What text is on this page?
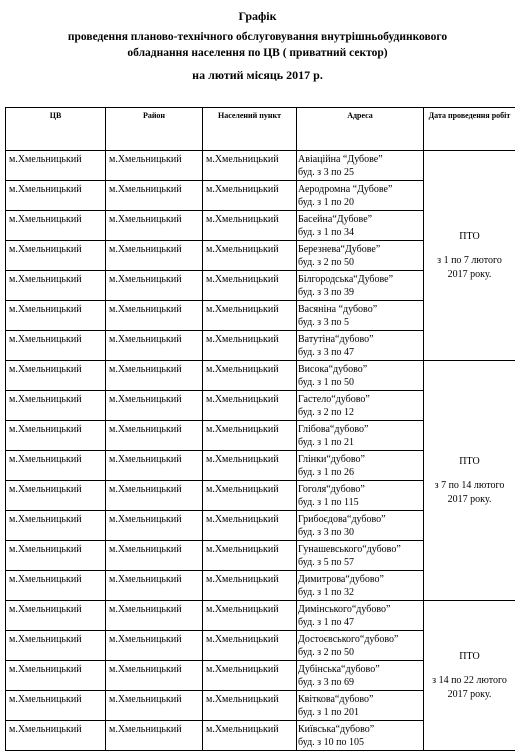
Графік
проведення планово-технічного обслуговування внутрішньобудинкового
обладнання населення по ЦВ ( приватний сектор)
на лютий місяць 2017 р.
ЦВ	Район	Населений пункт	Адреса	Дата проведення робіт
м.Хмельницький	м.Хмельницький	м.Хмельницький	Авіаційна “Дубове”
буд. з 3 по 25	ПТО
з 1 по 7 лютого 2017 року.

м.Хмельницький	м.Хмельницький	м.Хмельницький	Аеродромна “Дубове”
буд. з 1 по 20	

м.Хмельницький	м.Хмельницький	м.Хмельницький	Басейна“Дубове”
буд. з 1 по 34	

м.Хмельницький	м.Хмельницький	м.Хмельницький	Березнева“Дубове”
буд. з 2 по 50	

м.Хмельницький	м.Хмельницький	м.Хмельницький	Білгородська“Дубове”
буд. з 3 по 39	

м.Хмельницький	м.Хмельницький	м.Хмельницький	Васяніна “дубово”
буд. з 3 по 5	

м.Хмельницький	м.Хмельницький	м.Хмельницький	Ватутіна“дубово”
буд. з 3 по 47	

м.Хмельницький	м.Хмельницький	м.Хмельницький	Висока“дубово”
буд. з 1 по 50	ПТО
з 7 по 14 лютого 2017 року.

м.Хмельницький	м.Хмельницький	м.Хмельницький	Гастело“дубово”
буд. з 2 по 12	

м.Хмельницький	м.Хмельницький	м.Хмельницький	Глібова“дубово”
буд. з 1 по 21	

м.Хмельницький	м.Хмельницький	м.Хмельницький	Глінки“дубово”
буд. з 1 по 26	

м.Хмельницький	м.Хмельницький	м.Хмельницький	Гоголя“дубово”
буд. з 1 по 115	

м.Хмельницький	м.Хмельницький	м.Хмельницький	Грибоєдова“дубово”
буд. з 3 по 30	

м.Хмельницький	м.Хмельницький	м.Хмельницький	Гунашевського“дубово”
буд. з 5 по 57	

м.Хмельницький	м.Хмельницький	м.Хмельницький	Димитрова“дубово”
буд. з 1 по 32	

м.Хмельницький	м.Хмельницький	м.Хмельницький	Димінського“дубово”
буд. з 1 по 47	ПТО
з 14 по 22 лютого 2017 року.

м.Хмельницький	м.Хмельницький	м.Хмельницький	Достоєвського“дубово”
буд. з 2 по 50	

м.Хмельницький	м.Хмельницький	м.Хмельницький	Дубінська“дубово”
буд. з 3 по 69	

м.Хмельницький	м.Хмельницький	м.Хмельницький	Квіткова“дубово”
буд. з 1 по 201	

м.Хмельницький	м.Хмельницький	м.Хмельницький	Київська“дубово”
буд. з 10 по 105	
